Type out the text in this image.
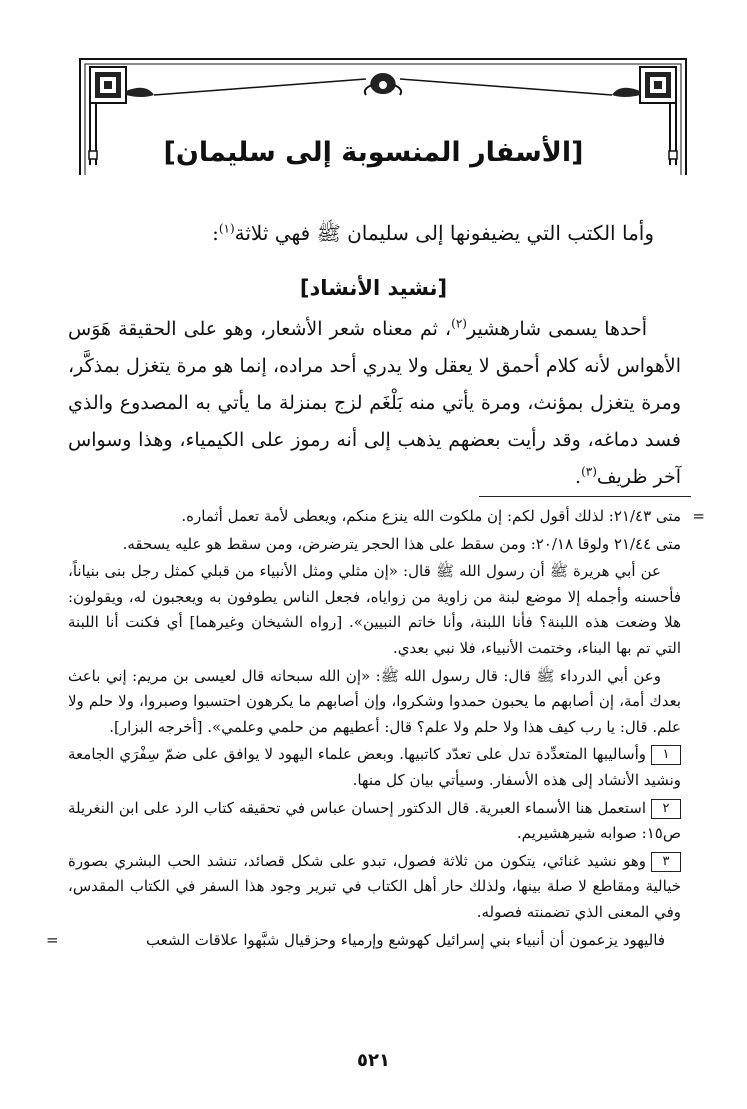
[الأسفار المنسوبة إلى سليمان]
وأما الكتب التي يضيفونها إلى سليمان ﷺ فهي ثلاثة$^{(١)}$:
[نشيد الأنشاد]

أحدها يسمى شارهشير$^{(٢)}$، ثم معناه شعر الأشعار، وهو على الحقيقة هَوَس الأهواس لأنه كلام أحمق لا يعقل ولا يدري أحد مراده، إنما هو مرة يتغزل بمذكَّر، ومرة يتغزل بمؤنث، ومرة يأتي منه بَلْغَم لزج بمنزلة ما يأتي به المصدوع والذي فسد دماغه، وقد رأيت بعضهم يذهب إلى أنه رموز على الكيمياء، وهذا وسواس آخر ظريف$^{(٣)}$.

=

متى ٢١/٤٣: لذلك أقول لكم: إن ملكوت الله ينزع منكم، ويعطى لأمة تعمل أثماره.

متى ٢١/٤٤ ولوقا ٢٠/١٨: ومن سقط على هذا الحجر يترضرض، ومن سقط هو عليه يسحقه.

عن أبي هريرة ﷺ أن رسول الله ﷺ قال: «إن مثلي ومثل الأنبياء من قبلي كمثل رجل بنى بنياناً، فأحسنه وأجمله إلا موضع لبنة من زاوية من زواياه، فجعل الناس يطوفون به ويعجبون له، ويقولون: هلا وضعت هذه اللبنة؟ فأنا اللبنة، وأنا خاتم النبيين». [رواه الشيخان وغيرهما] أي فكنت أنا اللبنة التي تم بها البناء، وختمت الأنبياء، فلا نبي بعدي.

وعن أبي الدرداء ﷺ قال: قال رسول الله ﷺ: «إن الله سبحانه قال لعيسى بن مريم: إني باعث بعدك أمة، إن أصابهم ما يحبون حمدوا وشكروا، وإن أصابهم ما يكرهون احتسبوا وصبروا، ولا حلم ولا علم. قال: يا رب كيف هذا ولا حلم ولا علم؟ قال: أعطيهم من حلمي وعلمي». [أخرجه البزار].

١وأساليبها المتعدِّدة تدل على تعدّد كاتبيها. وبعض علماء اليهود لا يوافق على ضمّ سِفْرَي الجامعة ونشيد الأنشاد إلى هذه الأسفار. وسيأتي بيان كل منها.

٢استعمل هنا الأسماء العبرية. قال الدكتور إحسان عباس في تحقيقه كتاب الرد على ابن النغريلة ص١٥: صوابه شيرهشيريم.

٣وهو نشيد غنائي، يتكون من ثلاثة فصول، تبدو على شكل قصائد، تنشد الحب البشري بصورة خيالية ومقاطع لا صلة بينها، ولذلك حار أهل الكتاب في تبرير وجود هذا السفر في الكتاب المقدس، وفي المعنى الذي تضمنته فصوله.

فاليهود يزعمون أن أنبياء بني إسرائيل كهوشع وإرمياء وحزقيال شبَّهوا علاقات الشعب

=
٥٢١
